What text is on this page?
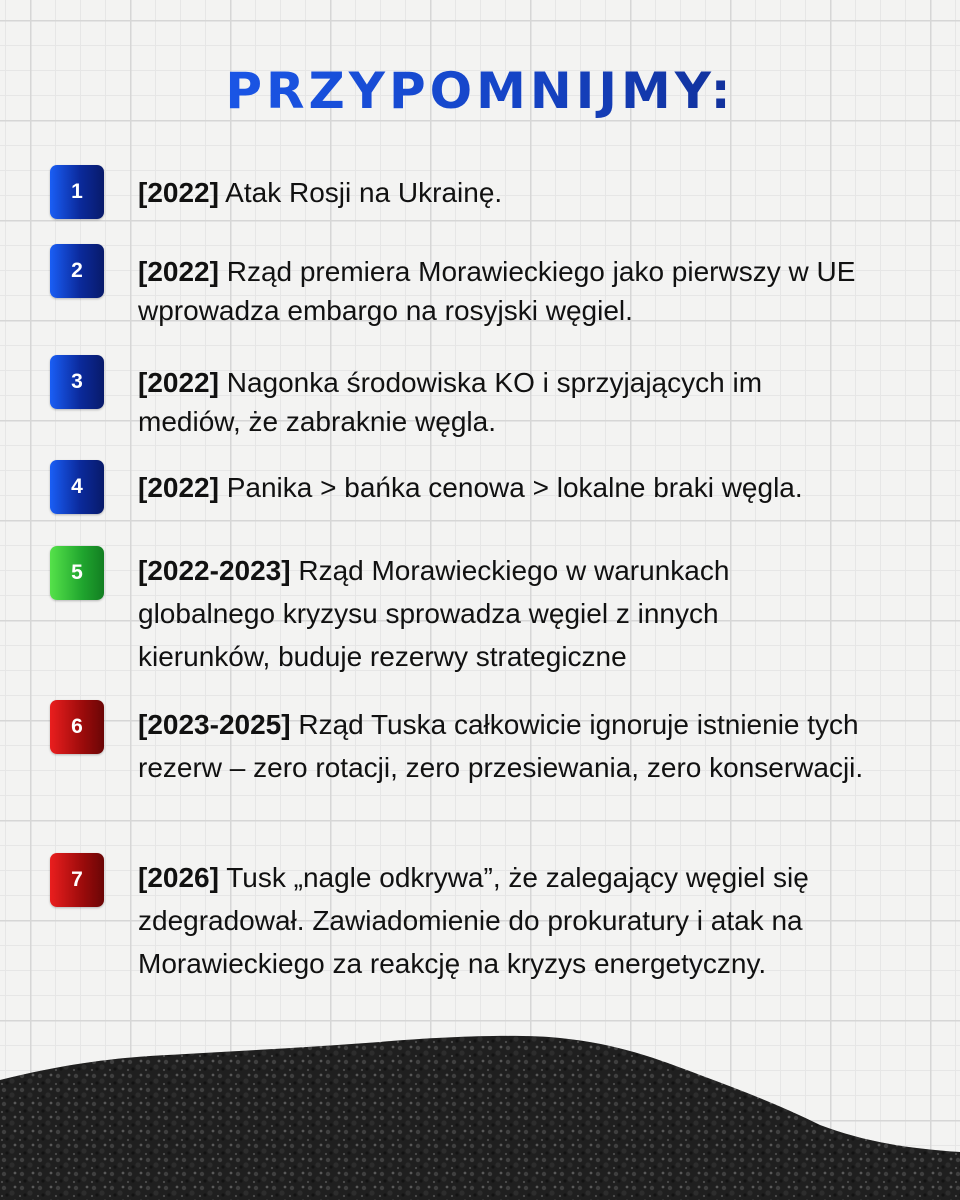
PRZYPOMNIJMY:
1	[2022] Atak Rosji na Ukrainę.
2	[2022] Rząd premiera Morawieckiego jako pierwszy w UE wprowadza embargo na rosyjski węgiel.
3	[2022] Nagonka środowiska KO i sprzyjających im mediów, że zabraknie węgla.
4	[2022] Panika > bańka cenowa > lokalne braki węgla.
5	[2022-2023] Rząd Morawieckiego w warunkach globalnego kryzysu sprowadza węgiel z innych kierunków, buduje rezerwy strategiczne
6	[2023-2025] Rząd Tuska całkowicie ignoruje istnienie tych rezerw – zero rotacji, zero przesiewania, zero konserwacji.
7	[2026] Tusk „nagle odkrywa”, że zalegający węgiel się zdegradował. Zawiadomienie do prokuratury i atak na Morawieckiego za reakcję na kryzys energetyczny.
